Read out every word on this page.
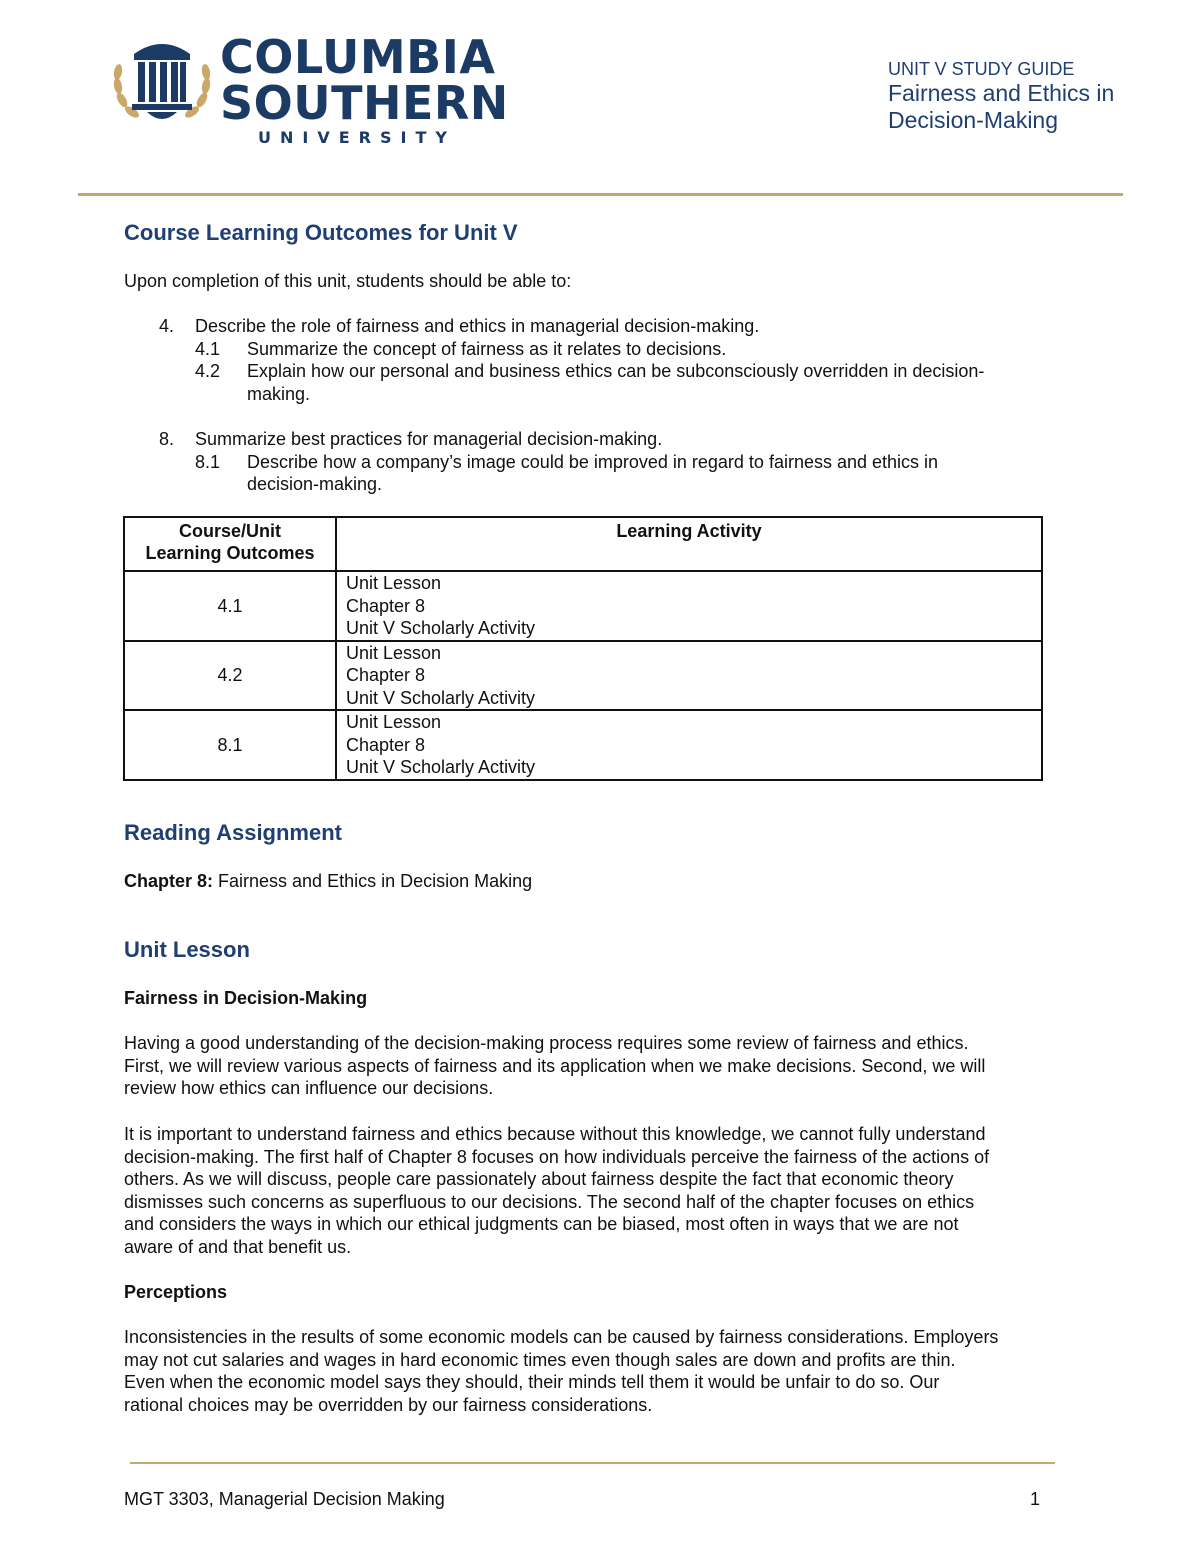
COLUMBIA
SOUTHERN
UNIVERSITY
UNIT V STUDY GUIDE
Fairness and Ethics in
Decision-Making
Course Learning Outcomes for Unit V
Upon completion of this unit, students should be able to:
4. Describe the role of fairness and ethics in managerial decision-making.
4.1 Summarize the concept of fairness as it relates to decisions.
4.2 Explain how our personal and business ethics can be subconsciously overridden in decision-
making.
8. Summarize best practices for managerial decision-making.
8.1 Describe how a company’s image could be improved in regard to fairness and ethics in
decision-making.
Course/Unit
Learning Outcomes	Learning Activity
4.1	Unit Lesson
Chapter 8
Unit V Scholarly Activity

4.2	Unit Lesson
Chapter 8
Unit V Scholarly Activity

8.1	Unit Lesson
Chapter 8
Unit V Scholarly Activity
Reading Assignment
Chapter 8: Fairness and Ethics in Decision Making
Unit Lesson
Fairness in Decision-Making
Having a good understanding of the decision-making process requires some review of fairness and ethics.
First, we will review various aspects of fairness and its application when we make decisions. Second, we will
review how ethics can influence our decisions.
It is important to understand fairness and ethics because without this knowledge, we cannot fully understand
decision-making. The first half of Chapter 8 focuses on how individuals perceive the fairness of the actions of
others. As we will discuss, people care passionately about fairness despite the fact that economic theory
dismisses such concerns as superfluous to our decisions. The second half of the chapter focuses on ethics
and considers the ways in which our ethical judgments can be biased, most often in ways that we are not
aware of and that benefit us.
Perceptions
Inconsistencies in the results of some economic models can be caused by fairness considerations. Employers
may not cut salaries and wages in hard economic times even though sales are down and profits are thin.
Even when the economic model says they should, their minds tell them it would be unfair to do so. Our
rational choices may be overridden by our fairness considerations.
MGT 3303, Managerial Decision Making	1
